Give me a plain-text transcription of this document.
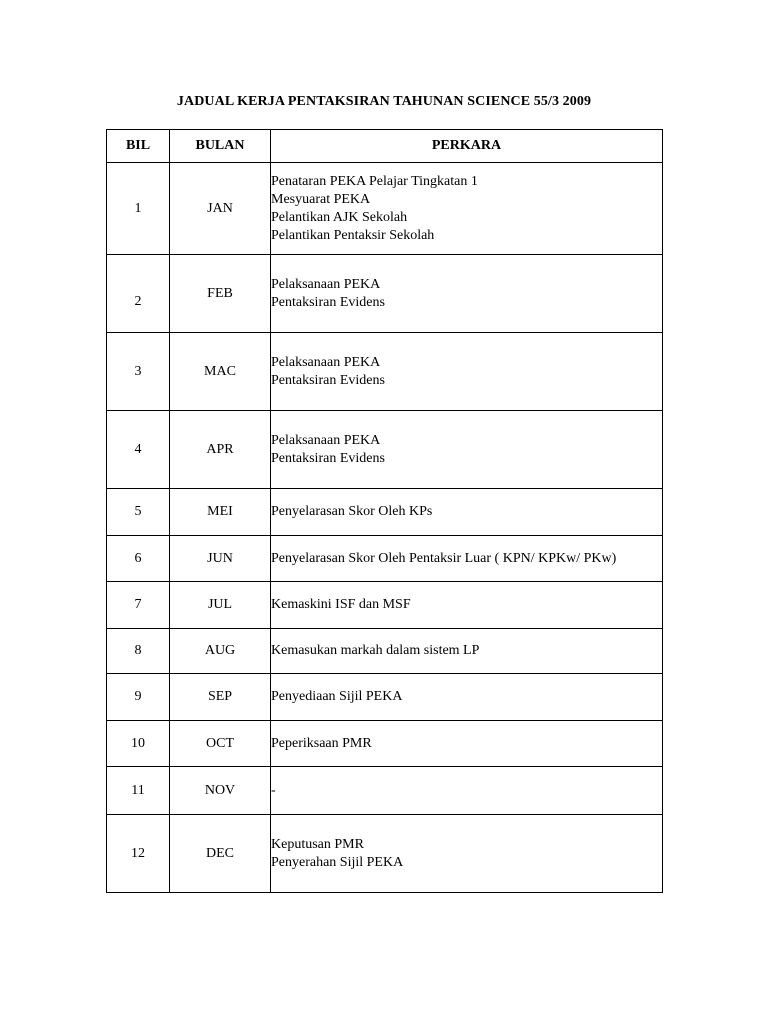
JADUAL KERJA PENTAKSIRAN TAHUNAN SCIENCE 55/3 2009
BIL	BULAN	PERKARA
1	JAN	Penataran PEKA Pelajar Tingkatan 1
Mesyuarat PEKA
Pelantikan AJK Sekolah
Pelantikan Pentaksir Sekolah

2	FEB	Pelaksanaan PEKA
Pentaksiran Evidens

3	MAC	Pelaksanaan PEKA
Pentaksiran Evidens

4	APR	Pelaksanaan PEKA
Pentaksiran Evidens

5	MEI	Penyelarasan Skor Oleh KPs

6	JUN	Penyelarasan Skor Oleh Pentaksir Luar ( KPN/ KPKw/ PKw)

7	JUL	Kemaskini ISF dan MSF

8	AUG	Kemasukan markah dalam sistem LP

9	SEP	Penyediaan Sijil PEKA

10	OCT	Peperiksaan PMR

11	NOV	-

12	DEC	Keputusan PMR
Penyerahan Sijil PEKA
